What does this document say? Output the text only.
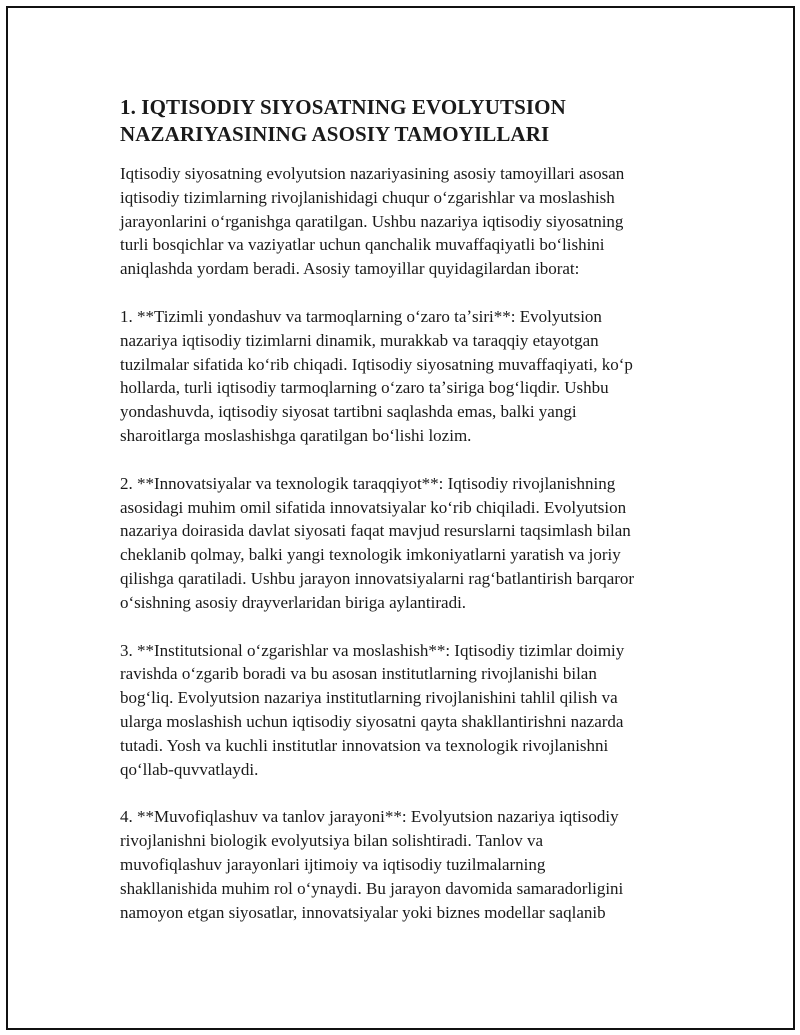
1. IQTISODIY SIYOSATNING EVOLYUTSION
NAZARIYASINING ASOSIY TAMOYILLARI

Iqtisodiy siyosatning evolyutsion nazariyasining asosiy tamoyillari asosan
iqtisodiy tizimlarning rivojlanishidagi chuqur oʻzgarishlar va moslashish
jarayonlarini oʻrganishga qaratilgan. Ushbu nazariya iqtisodiy siyosatning
turli bosqichlar va vaziyatlar uchun qanchalik muvaffaqiyatli boʻlishini
aniqlashda yordam beradi. Asosiy tamoyillar quyidagilardan iborat:

1. **Tizimli yondashuv va tarmoqlarning oʻzaro taʼsiri**: Evolyutsion
nazariya iqtisodiy tizimlarni dinamik, murakkab va taraqqiy etayotgan
tuzilmalar sifatida koʻrib chiqadi. Iqtisodiy siyosatning muvaffaqiyati, koʻp
hollarda, turli iqtisodiy tarmoqlarning oʻzaro taʼsiriga bogʻliqdir. Ushbu
yondashuvda, iqtisodiy siyosat tartibni saqlashda emas, balki yangi
sharoitlarga moslashishga qaratilgan boʻlishi lozim.

2. **Innovatsiyalar va texnologik taraqqiyot**: Iqtisodiy rivojlanishning
asosidagi muhim omil sifatida innovatsiyalar koʻrib chiqiladi. Evolyutsion
nazariya doirasida davlat siyosati faqat mavjud resurslarni taqsimlash bilan
cheklanib qolmay, balki yangi texnologik imkoniyatlarni yaratish va joriy
qilishga qaratiladi. Ushbu jarayon innovatsiyalarni ragʻbatlantirish barqaror
oʻsishning asosiy drayverlaridan biriga aylantiradi.

3. **Institutsional oʻzgarishlar va moslashish**: Iqtisodiy tizimlar doimiy
ravishda oʻzgarib boradi va bu asosan institutlarning rivojlanishi bilan
bogʻliq. Evolyutsion nazariya institutlarning rivojlanishini tahlil qilish va
ularga moslashish uchun iqtisodiy siyosatni qayta shakllantirishni nazarda
tutadi. Yosh va kuchli institutlar innovatsion va texnologik rivojlanishni
qoʻllab-quvvatlaydi.

4. **Muvofiqlashuv va tanlov jarayoni**: Evolyutsion nazariya iqtisodiy
rivojlanishni biologik evolyutsiya bilan solishtiradi. Tanlov va
muvofiqlashuv jarayonlari ijtimoiy va iqtisodiy tuzilmalarning
shakllanishida muhim rol oʻynaydi. Bu jarayon davomida samaradorligini
namoyon etgan siyosatlar, innovatsiyalar yoki biznes modellar saqlanib
